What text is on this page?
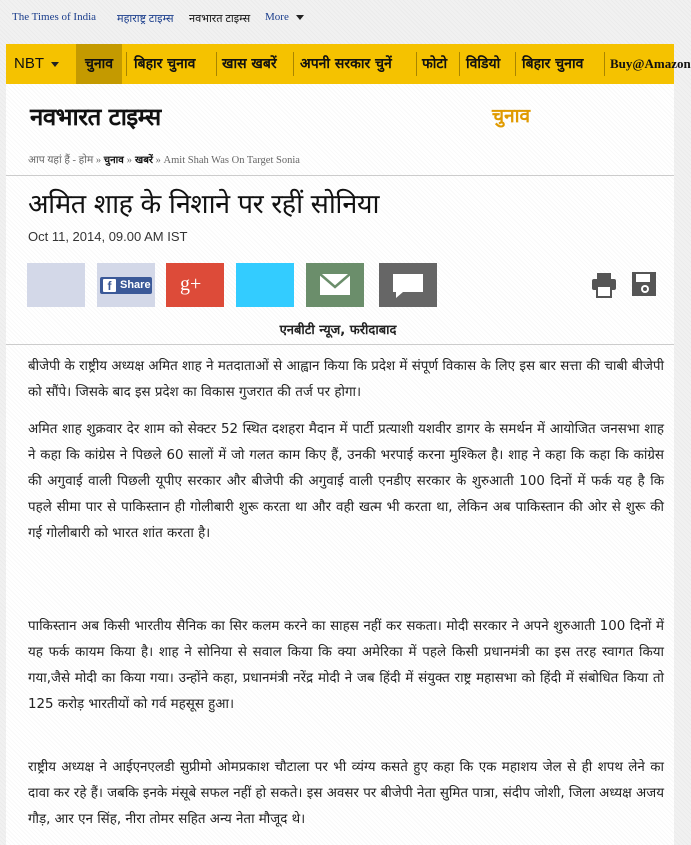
The Times of India महाराष्ट्र टाइम्स नवभारत टाइम्स More
NBT	चुनाव	बिहार चुनाव खास खबरें अपनी सरकार चुनें फोटो विडियो बिहार चुनाव Buy@Amazon
नवभारत टाइम्स	चुनाव
आप यहां हैं - होम » चुनाव » खबरें » Amit Shah Was On Target Sonia
अमित शाह के निशाने पर रहीं सोनिया
Oct 11, 2014, 09.00 AM IST
f Share g+
एनबीटी न्यूज, फरीदाबाद
बीजेपी के राष्ट्रीय अध्यक्ष अमित शाह ने मतदाताओं से आह्वान किया कि प्रदेश में संपूर्ण विकास के लिए इस बार सत्ता की चाबी बीजेपी को सौंपे। जिसके बाद इस प्रदेश का विकास गुजरात की तर्ज पर होगा।
अमित शाह शुक्रवार देर शाम को सेक्टर 52 स्थित दशहरा मैदान में पार्टी प्रत्याशी यशवीर डागर के समर्थन में आयोजित जनसभा शाह ने कहा कि कांग्रेस ने पिछले 60 सालों में जो गलत काम किए हैं, उनकी भरपाई करना मुश्किल है। शाह ने कहा कि कहा कि कांग्रेस की अगुवाई वाली पिछली यूपीए सरकार और बीजेपी की अगुवाई वाली एनडीए सरकार के शुरुआती 100 दिनों में फर्क यह है कि पहले सीमा पार से पाकिस्तान ही गोलीबारी शुरू करता था और वही खत्म भी करता था, लेकिन अब पाकिस्तान की ओर से शुरू की गई गोलीबारी को भारत शांत करता है।
पाकिस्तान अब किसी भारतीय सैनिक का सिर कलम करने का साहस नहीं कर सकता। मोदी सरकार ने अपने शुरुआती 100 दिनों में यह फर्क कायम किया है। शाह ने सोनिया से सवाल किया कि क्या अमेरिका में पहले किसी प्रधानमंत्री का इस तरह स्वागत किया गया,जैसे मोदी का किया गया। उन्होंने कहा, प्रधानमंत्री नरेंद्र मोदी ने जब हिंदी में संयुक्त राष्ट्र महासभा को हिंदी में संबोधित किया तो 125 करोड़ भारतीयों को गर्व महसूस हुआ।
राष्ट्रीय अध्यक्ष ने आईएनएलडी सुप्रीमो ओमप्रकाश चौटाला पर भी व्यंग्य कसते हुए कहा कि एक महाशय जेल से ही शपथ लेने का दावा कर रहे हैं। जबकि इनके मंसूबे सफल नहीं हो सकते। इस अवसर पर बीजेपी नेता सुमित पात्रा, संदीप जोशी, जिला अध्यक्ष अजय गौड़, आर एन सिंह, नीरा तोमर सहित अन्य नेता मौजूद थे।
